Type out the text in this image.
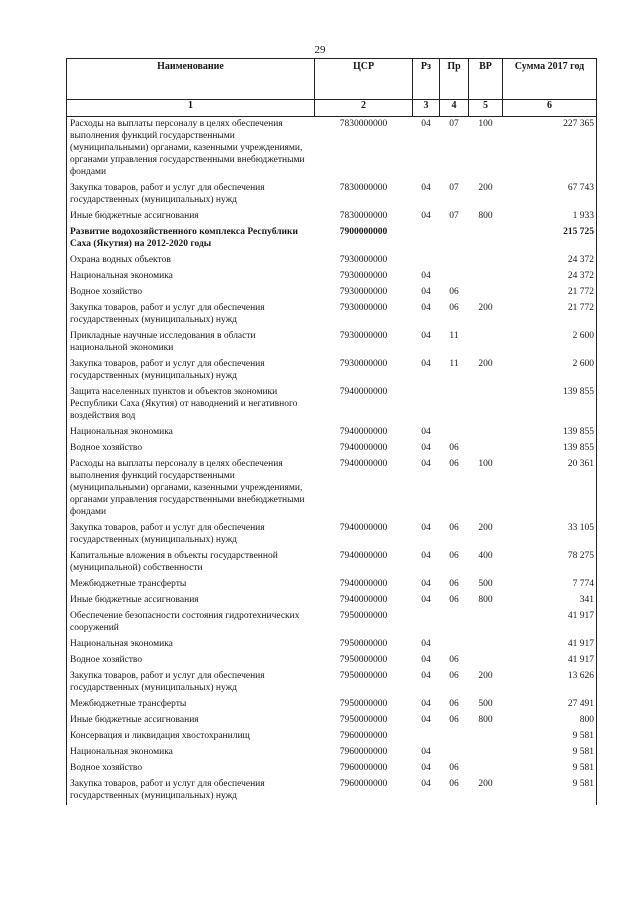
29
Наименование	ЦСР	Рз	Пр	ВР	Сумма 2017 год
1	2	3	4	5	6
Расходы на выплаты персоналу в целях обеспечения выполнения функций государственными (муниципальными) органами, казенными учреждениями, органами управления государственными внебюджетными фондами	7830000000	04	07	100	227 365
Закупка товаров, работ и услуг для обеспечения государственных (муниципальных) нужд	7830000000	04	07	200	67 743
Иные бюджетные ассигнования	7830000000	04	07	800	1 933
Развитие водохозяйственного комплекса Республики Саха (Якутия) на 2012-2020 годы	7900000000				215 725
Охрана водных объектов	7930000000				24 372
Национальная экономика	7930000000	04			24 372
Водное хозяйство	7930000000	04	06		21 772
Закупка товаров, работ и услуг для обеспечения государственных (муниципальных) нужд	7930000000	04	06	200	21 772
Прикладные научные исследования в области национальной экономики	7930000000	04	11		2 600
Закупка товаров, работ и услуг для обеспечения государственных (муниципальных) нужд	7930000000	04	11	200	2 600
Защита населенных пунктов и объектов экономики Республики Саха (Якутия) от наводнений и негативного воздействия вод	7940000000				139 855
Национальная экономика	7940000000	04			139 855
Водное хозяйство	7940000000	04	06		139 855
Расходы на выплаты персоналу в целях обеспечения выполнения функций государственными (муниципальными) органами, казенными учреждениями, органами управления государственными внебюджетными фондами	7940000000	04	06	100	20 361
Закупка товаров, работ и услуг для обеспечения государственных (муниципальных) нужд	7940000000	04	06	200	33 105
Капитальные вложения в объекты государственной (муниципальной) собственности	7940000000	04	06	400	78 275
Межбюджетные трансферты	7940000000	04	06	500	7 774
Иные бюджетные ассигнования	7940000000	04	06	800	341
Обеспечение безопасности состояния гидротехнических сооружений	7950000000				41 917
Национальная экономика	7950000000	04			41 917
Водное хозяйство	7950000000	04	06		41 917
Закупка товаров, работ и услуг для обеспечения государственных (муниципальных) нужд	7950000000	04	06	200	13 626
Межбюджетные трансферты	7950000000	04	06	500	27 491
Иные бюджетные ассигнования	7950000000	04	06	800	800
Консервация и ликвидация хвостохранилищ	7960000000				9 581
Национальная экономика	7960000000	04			9 581
Водное хозяйство	7960000000	04	06		9 581
Закупка товаров, работ и услуг для обеспечения государственных (муниципальных) нужд	7960000000	04	06	200	9 581
